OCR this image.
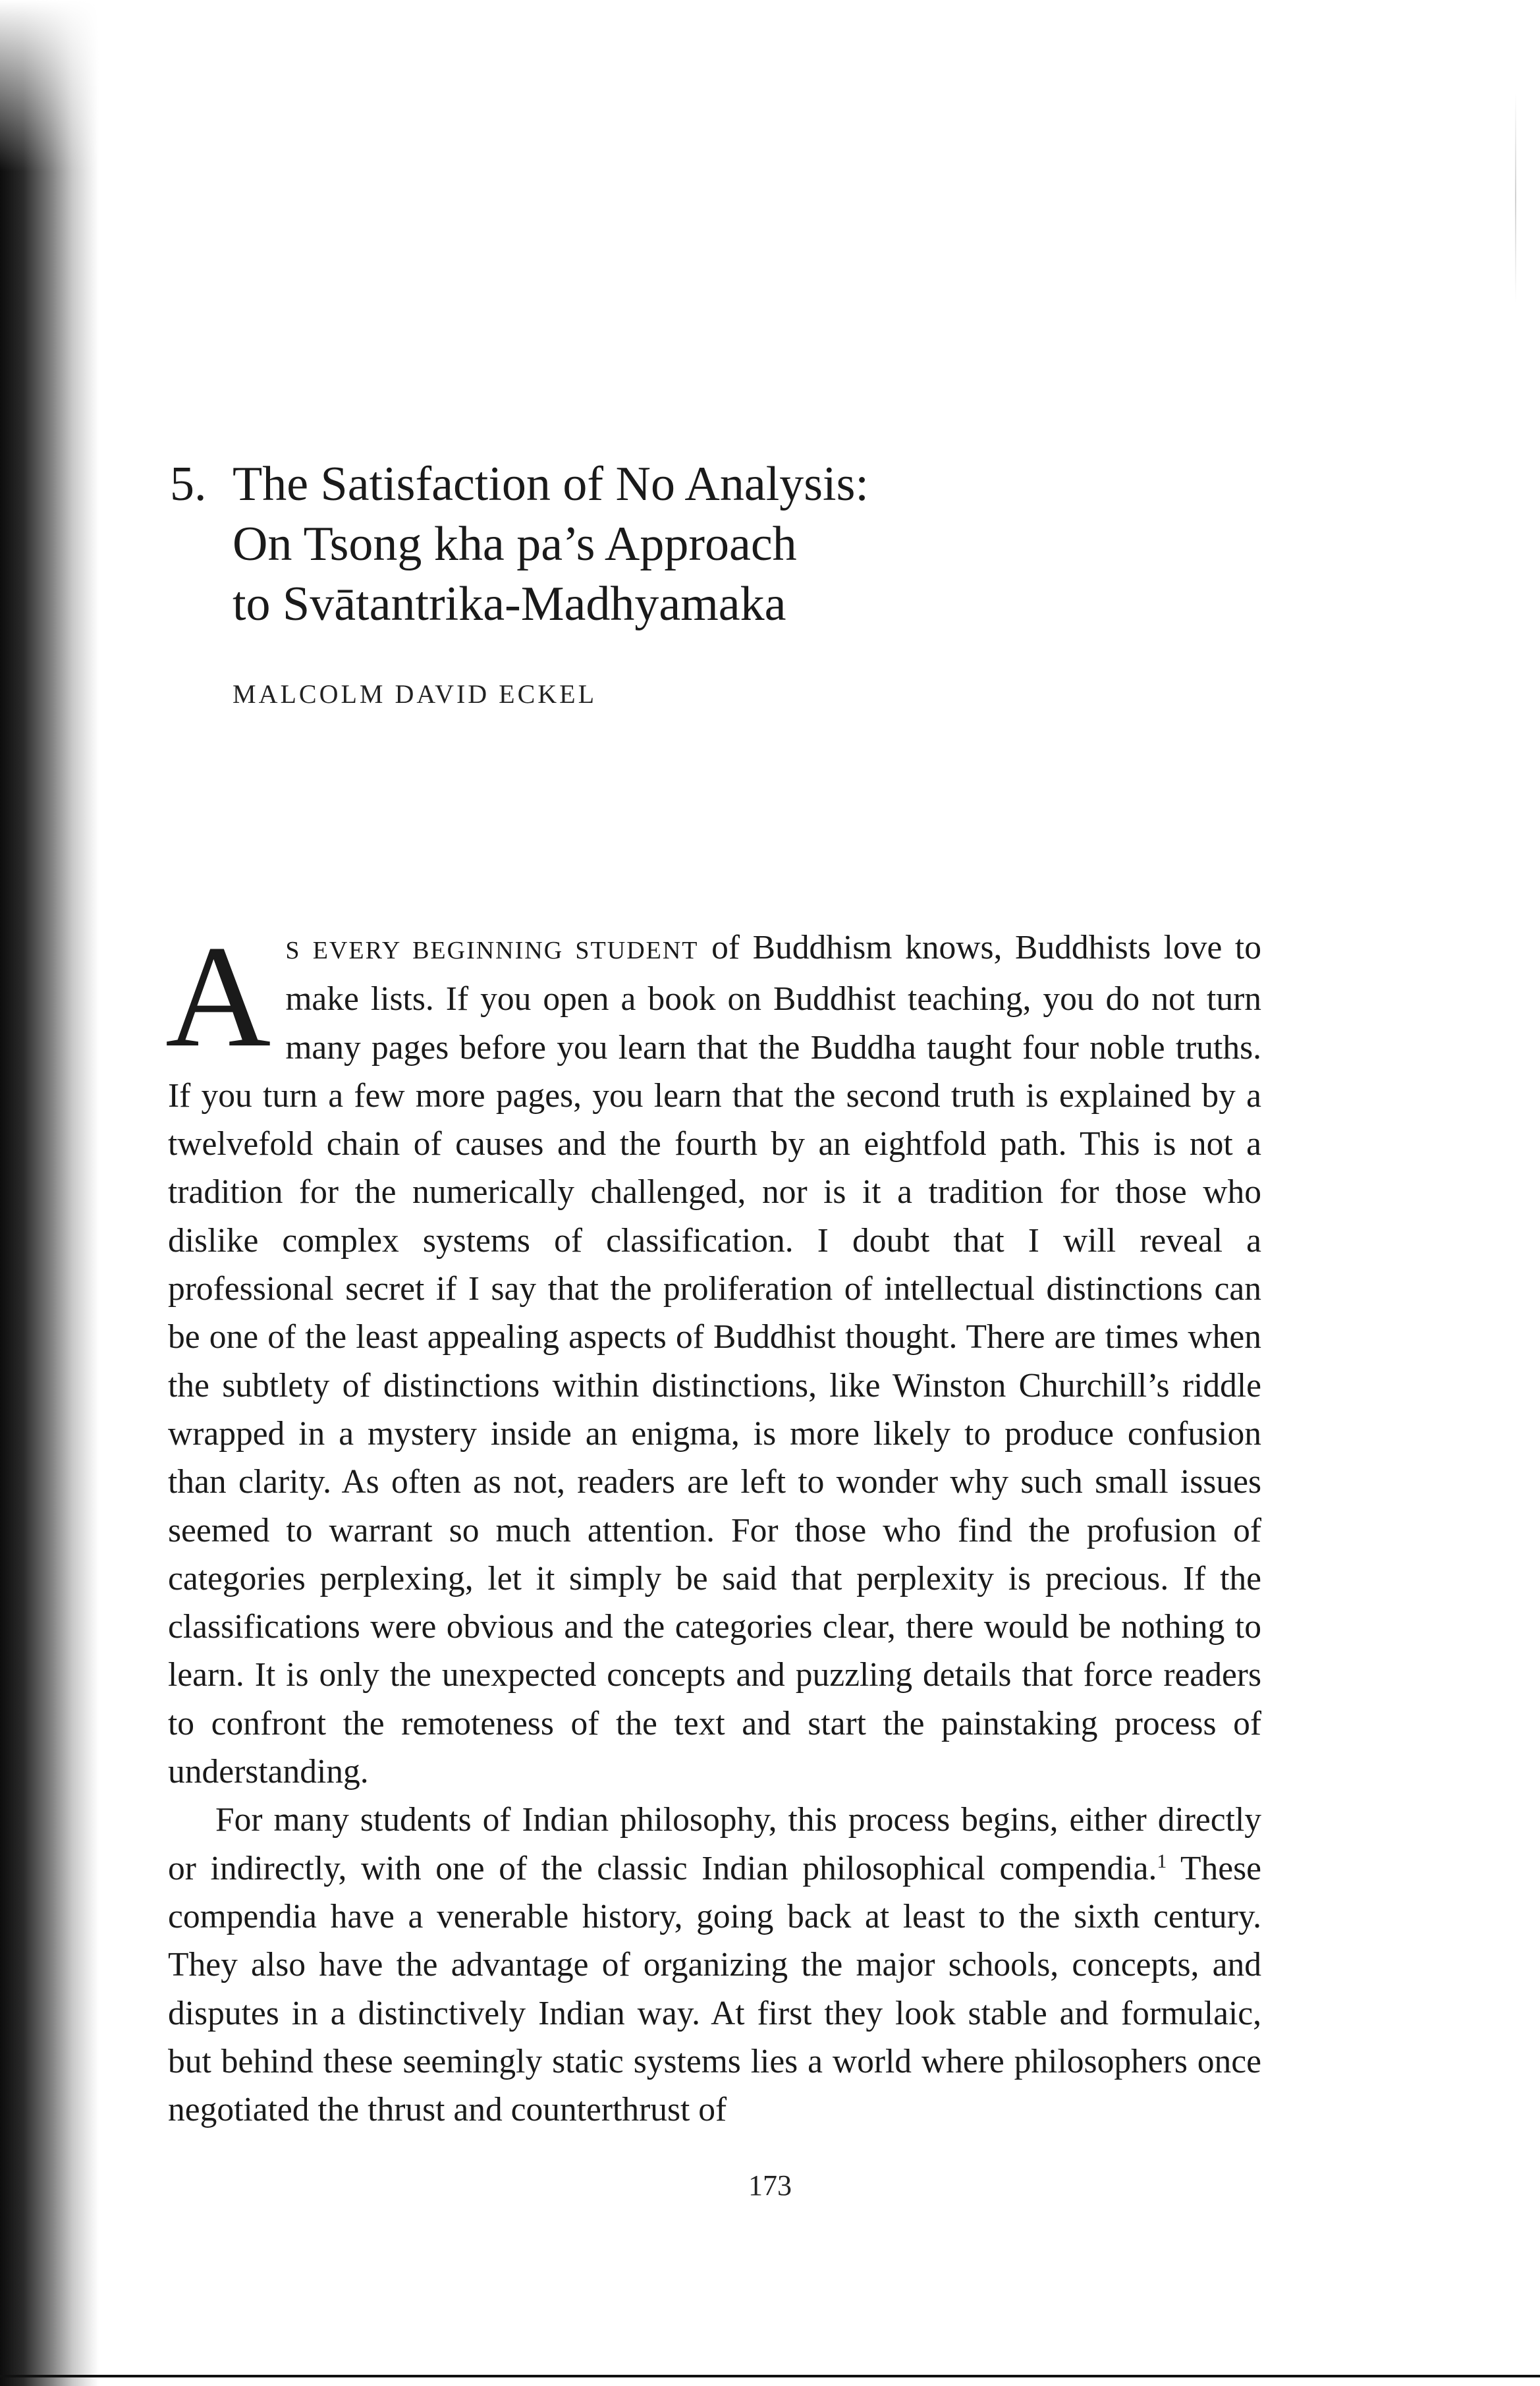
5. The Satisfaction of No Analysis:
On Tsong kha pa’s Approach
to Svātantrika-Madhyamaka
MALCOLM DAVID ECKEL

AS EVERY BEGINNING STUDENT of Buddhism knows, Buddhists love to make lists. If you open a book on Buddhist teaching, you do not turn many pages before you learn that the Buddha taught four noble truths. If you turn a few more pages, you learn that the second truth is explained by a twelvefold chain of causes and the fourth by an eightfold path. This is not a tradition for the numerically challenged, nor is it a tradition for those who dislike complex systems of classification. I doubt that I will reveal a professional secret if I say that the proliferation of intellectual distinctions can be one of the least appealing aspects of Buddhist thought. There are times when the subtlety of distinctions within distinctions, like Winston Churchill’s riddle wrapped in a mystery inside an enigma, is more likely to produce confusion than clarity. As often as not, readers are left to wonder why such small issues seemed to warrant so much attention. For those who find the profusion of categories perplexing, let it simply be said that perplexity is precious. If the classifications were obvious and the categories clear, there would be nothing to learn. It is only the unexpected concepts and puzzling details that force readers to confront the remoteness of the text and start the painstaking process of understanding.

For many students of Indian philosophy, this process begins, either directly or indirectly, with one of the classic Indian philosophical compendia.$^1$ These compendia have a venerable history, going back at least to the sixth century. They also have the advantage of organizing the major schools, concepts, and disputes in a distinctively Indian way. At first they look stable and formulaic, but behind these seemingly static systems lies a world where philosophers once negotiated the thrust and counterthrust of

173
